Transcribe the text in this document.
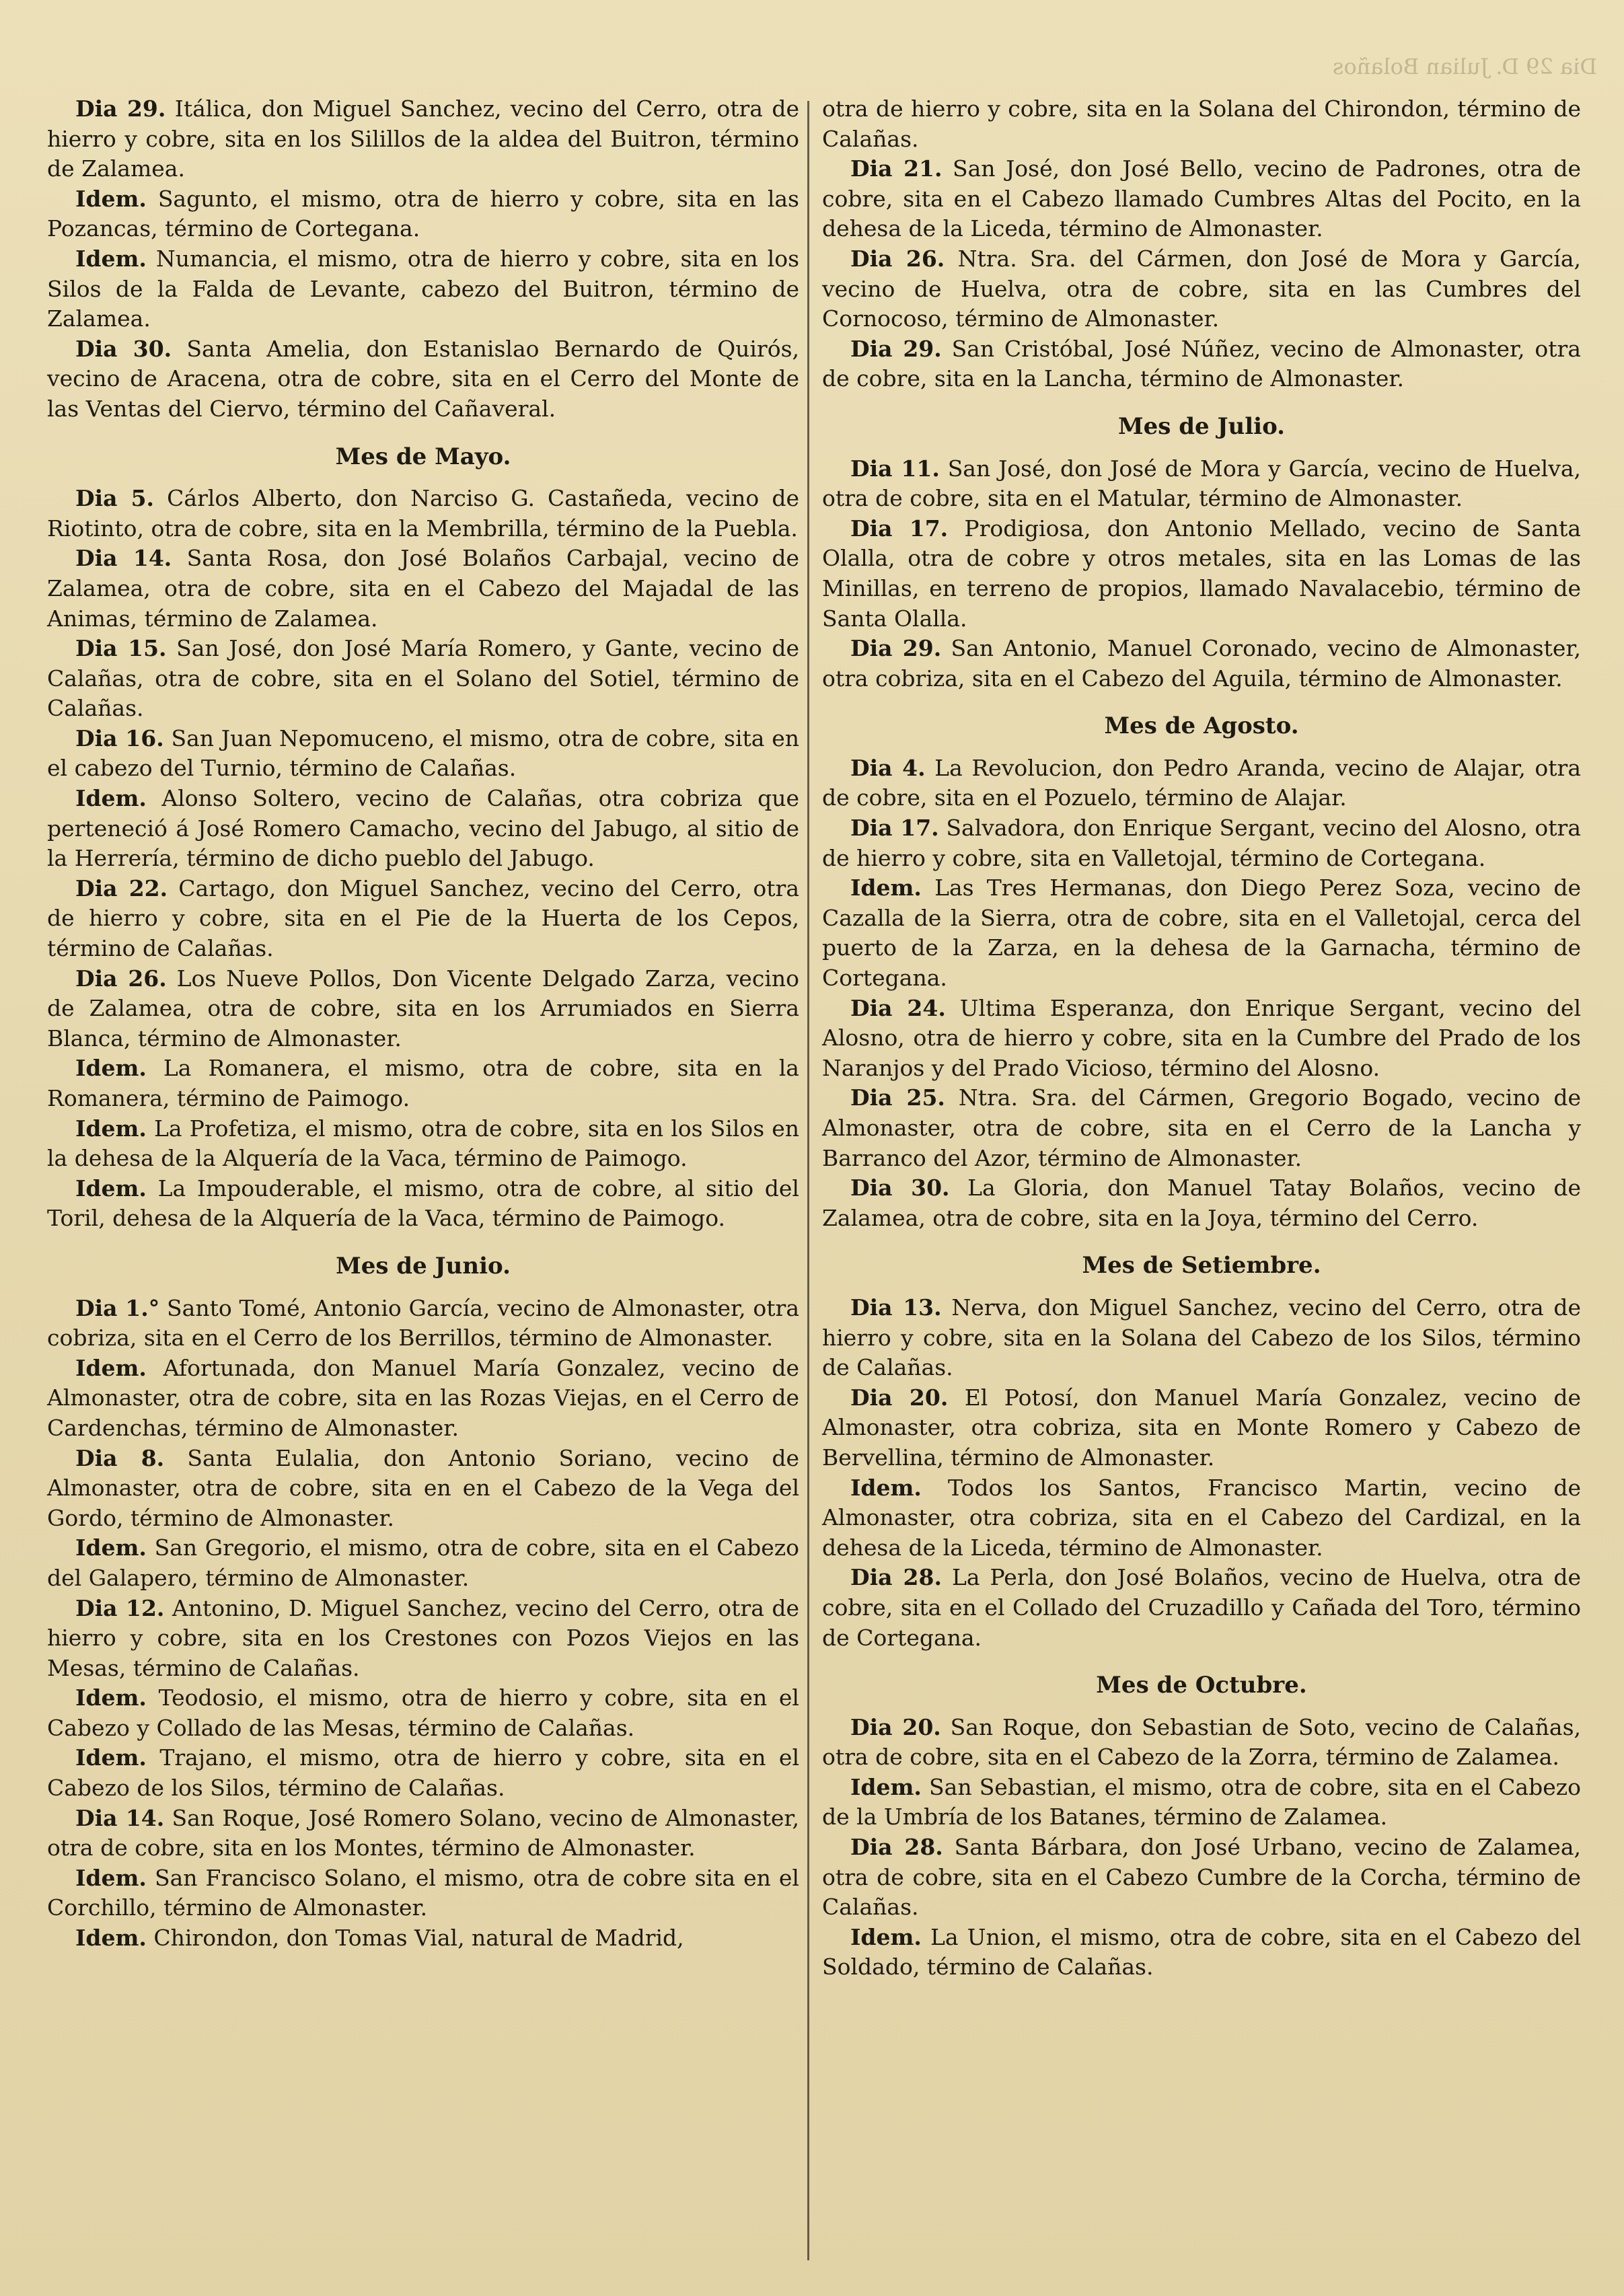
Dia 29 D. Julian Bolaños

Dia 29. Itálica, don Miguel Sanchez, vecino del Cerro, otra de hierro y cobre, sita en los Silillos de la aldea del Buitron, término de Zalamea.

Idem. Sagunto, el mismo, otra de hierro y cobre, sita en las Pozancas, término de Cortegana.

Idem. Numancia, el mismo, otra de hierro y cobre, sita en los Silos de la Falda de Levante, cabezo del Buitron, término de Zalamea.

Dia 30. Santa Amelia, don Estanislao Bernardo de Quirós, vecino de Aracena, otra de cobre, sita en el Cerro del Monte de las Ventas del Ciervo, término del Cañaveral.

Mes de Mayo.

Dia 5. Cárlos Alberto, don Narciso G. Castañeda, vecino de Riotinto, otra de cobre, sita en la Membrilla, término de la Puebla.

Dia 14. Santa Rosa, don José Bolaños Carbajal, vecino de Zalamea, otra de cobre, sita en el Cabezo del Majadal de las Animas, término de Zalamea.

Dia 15. San José, don José María Romero, y Gante, vecino de Calañas, otra de cobre, sita en el Solano del Sotiel, término de Calañas.

Dia 16. San Juan Nepomuceno, el mismo, otra de cobre, sita en el cabezo del Turnio, término de Calañas.

Idem. Alonso Soltero, vecino de Calañas, otra cobriza que perteneció á José Romero Camacho, vecino del Jabugo, al sitio de la Herrería, término de dicho pueblo del Jabugo.

Dia 22. Cartago, don Miguel Sanchez, vecino del Cerro, otra de hierro y cobre, sita en el Pie de la Huerta de los Cepos, término de Calañas.

Dia 26. Los Nueve Pollos, Don Vicente Delgado Zarza, vecino de Zalamea, otra de cobre, sita en los Arrumiados en Sierra Blanca, término de Almonaster.

Idem. La Romanera, el mismo, otra de cobre, sita en la Romanera, término de Paimogo.

Idem. La Profetiza, el mismo, otra de cobre, sita en los Silos en la dehesa de la Alquería de la Vaca, término de Paimogo.

Idem. La Impouderable, el mismo, otra de cobre, al sitio del Toril, dehesa de la Alquería de la Vaca, término de Paimogo.

Mes de Junio.

Dia 1.° Santo Tomé, Antonio García, vecino de Almonaster, otra cobriza, sita en el Cerro de los Berrillos, término de Almonaster.

Idem. Afortunada, don Manuel María Gonzalez, vecino de Almonaster, otra de cobre, sita en las Rozas Viejas, en el Cerro de Cardenchas, término de Almonaster.

Dia 8. Santa Eulalia, don Antonio Soriano, vecino de Almonaster, otra de cobre, sita en en el Cabezo de la Vega del Gordo, término de Almonaster.

Idem. San Gregorio, el mismo, otra de cobre, sita en el Cabezo del Galapero, término de Almonaster.

Dia 12. Antonino, D. Miguel Sanchez, vecino del Cerro, otra de hierro y cobre, sita en los Crestones con Pozos Viejos en las Mesas, término de Calañas.

Idem. Teodosio, el mismo, otra de hierro y cobre, sita en el Cabezo y Collado de las Mesas, término de Calañas.

Idem. Trajano, el mismo, otra de hierro y cobre, sita en el Cabezo de los Silos, término de Calañas.

Dia 14. San Roque, José Romero Solano, vecino de Almonaster, otra de cobre, sita en los Montes, término de Almonaster.

Idem. San Francisco Solano, el mismo, otra de cobre sita en el Corchillo, término de Almonaster.

Idem. Chirondon, don Tomas Vial, natural de Madrid,

otra de hierro y cobre, sita en la Solana del Chirondon, término de Calañas.

Dia 21. San José, don José Bello, vecino de Padrones, otra de cobre, sita en el Cabezo llamado Cumbres Altas del Pocito, en la dehesa de la Liceda, término de Almonaster.

Dia 26. Ntra. Sra. del Cármen, don José de Mora y García, vecino de Huelva, otra de cobre, sita en las Cumbres del Cornocoso, término de Almonaster.

Dia 29. San Cristóbal, José Núñez, vecino de Almonaster, otra de cobre, sita en la Lancha, término de Almonaster.

Mes de Julio.

Dia 11. San José, don José de Mora y García, vecino de Huelva, otra de cobre, sita en el Matular, término de Almonaster.

Dia 17. Prodigiosa, don Antonio Mellado, vecino de Santa Olalla, otra de cobre y otros metales, sita en las Lomas de las Minillas, en terreno de propios, llamado Navalacebio, término de Santa Olalla.

Dia 29. San Antonio, Manuel Coronado, vecino de Almonaster, otra cobriza, sita en el Cabezo del Aguila, término de Almonaster.

Mes de Agosto.

Dia 4. La Revolucion, don Pedro Aranda, vecino de Alajar, otra de cobre, sita en el Pozuelo, término de Alajar.

Dia 17. Salvadora, don Enrique Sergant, vecino del Alosno, otra de hierro y cobre, sita en Valletojal, término de Cortegana.

Idem. Las Tres Hermanas, don Diego Perez Soza, vecino de Cazalla de la Sierra, otra de cobre, sita en el Valletojal, cerca del puerto de la Zarza, en la dehesa de la Garnacha, término de Cortegana.

Dia 24. Ultima Esperanza, don Enrique Sergant, vecino del Alosno, otra de hierro y cobre, sita en la Cumbre del Prado de los Naranjos y del Prado Vicioso, término del Alosno.

Dia 25. Ntra. Sra. del Cármen, Gregorio Bogado, vecino de Almonaster, otra de cobre, sita en el Cerro de la Lancha y Barranco del Azor, término de Almonaster.

Dia 30. La Gloria, don Manuel Tatay Bolaños, vecino de Zalamea, otra de cobre, sita en la Joya, término del Cerro.

Mes de Setiembre.

Dia 13. Nerva, don Miguel Sanchez, vecino del Cerro, otra de hierro y cobre, sita en la Solana del Cabezo de los Silos, término de Calañas.

Dia 20. El Potosí, don Manuel María Gonzalez, vecino de Almonaster, otra cobriza, sita en Monte Romero y Cabezo de Bervellina, término de Almonaster.

Idem. Todos los Santos, Francisco Martin, vecino de Almonaster, otra cobriza, sita en el Cabezo del Cardizal, en la dehesa de la Liceda, término de Almonaster.

Dia 28. La Perla, don José Bolaños, vecino de Huelva, otra de cobre, sita en el Collado del Cruzadillo y Cañada del Toro, término de Cortegana.

Mes de Octubre.

Dia 20. San Roque, don Sebastian de Soto, vecino de Calañas, otra de cobre, sita en el Cabezo de la Zorra, término de Zalamea.

Idem. San Sebastian, el mismo, otra de cobre, sita en el Cabezo de la Umbría de los Batanes, término de Zalamea.

Dia 28. Santa Bárbara, don José Urbano, vecino de Zalamea, otra de cobre, sita en el Cabezo Cumbre de la Corcha, término de Calañas.

Idem. La Union, el mismo, otra de cobre, sita en el Cabezo del Soldado, término de Calañas.
